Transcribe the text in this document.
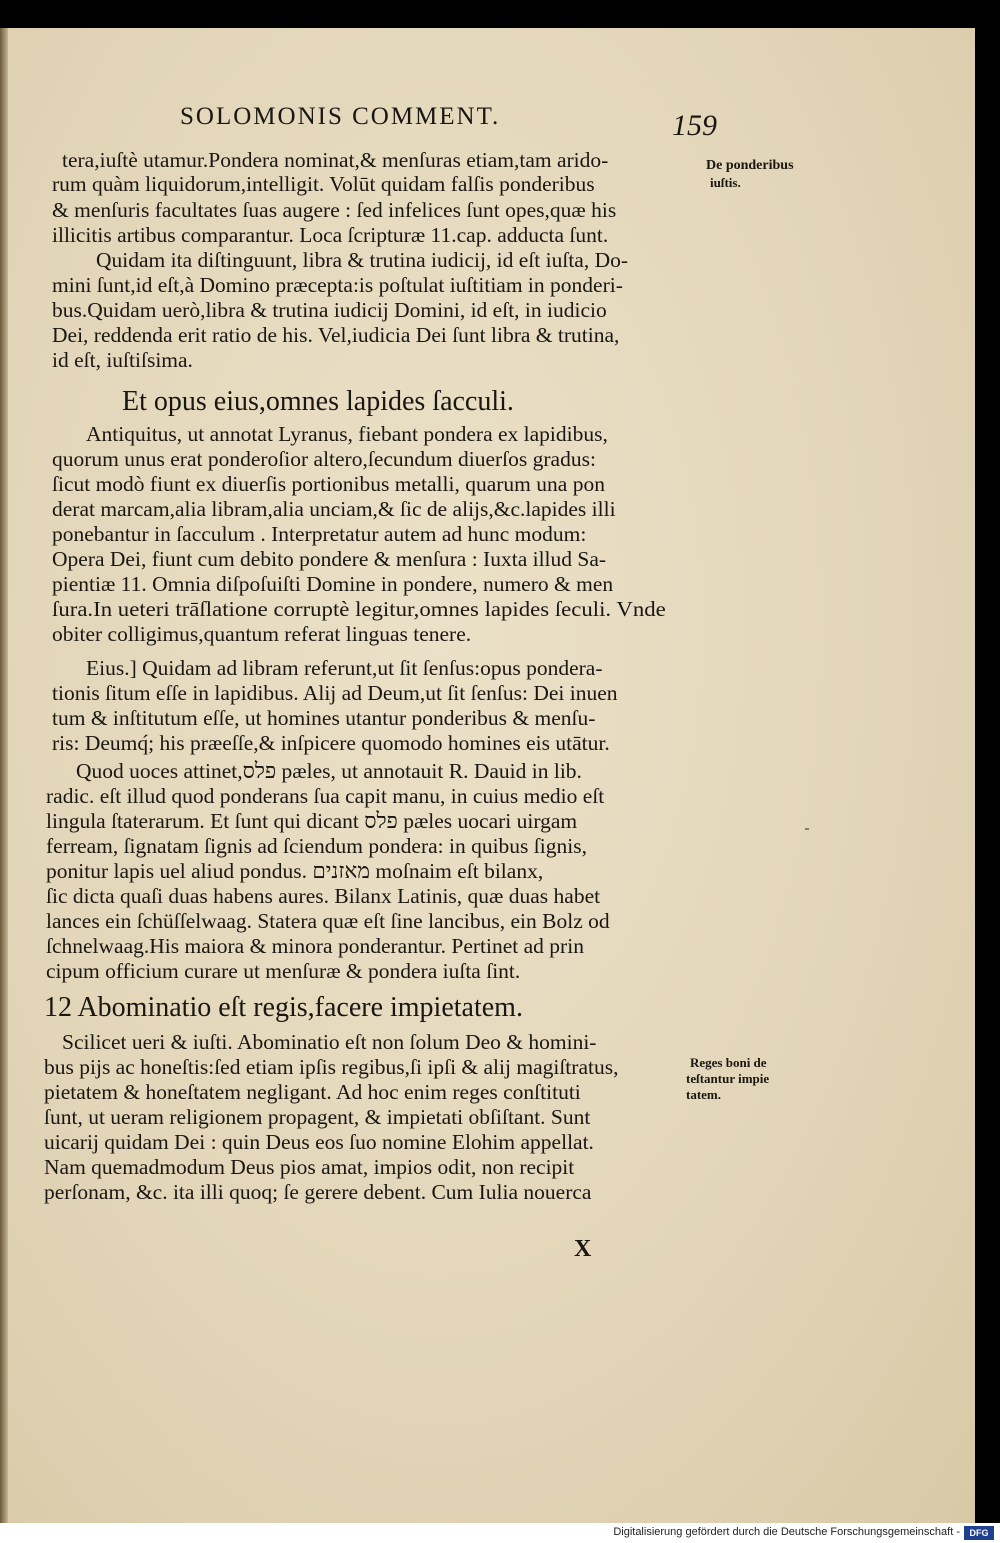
SOLOMONIS COMMENT.	159
tera,iuſtè utamur.Pondera nominat,& menſuras etiam,tam arido‑
rum quàm liquidorum,intelligit. Volūt quidam falſis ponderibus
& menſuris facultates ſuas augere : ſed infelices ſunt opes,quæ his
illicitis artibus comparantur. Loca ſcripturæ 11.cap. adducta ſunt.
Quidam ita diſtinguunt, libra & trutina iudicij, id eſt iuſta, Do‑
mini ſunt,id eſt,à Domino præcepta:is poſtulat iuſtitiam in ponderi‑
bus.Quidam uerò,libra & trutina iudicij Domini, id eſt, in iudicio
Dei, reddenda erit ratio de his. Vel,iudicia Dei ſunt libra & trutina,
id eſt, iuſtiſsima.
Et opus eius,omnes lapides ſacculi.
Antiquitus, ut annotat Lyranus, fiebant pondera ex lapidibus,
quorum unus erat ponderoſior altero,ſecundum diuerſos gradus:
ſicut modò fiunt ex diuerſis portionibus metalli, quarum una pon
derat marcam,alia libram,alia unciam,& ſic de alijs,&c.lapides illi
ponebantur in ſacculum . Interpretatur autem ad hunc modum:
Opera Dei, fiunt cum debito pondere & menſura : Iuxta illud Sa‑
pientiæ 11. Omnia diſpoſuiſti Domine in pondere, numero & men
ſura.In ueteri trāſlatione corruptè legitur,omnes lapides ſeculi. Vnde
obiter colligimus,quantum referat linguas tenere.
Eius.] Quidam ad libram referunt,ut ſit ſenſus:opus pondera‑
tionis ſitum eſſe in lapidibus. Alij ad Deum,ut ſit ſenſus: Dei inuen
tum & inſtitutum eſſe, ut homines utantur ponderibus & menſu‑
ris: Deumq́; his præeſſe,& inſpicere quomodo homines eis utātur.
Quod uoces attinet,פלס pæles, ut annotauit R. Dauid in lib.
radic. eſt illud quod ponderans ſua capit manu, in cuius medio eſt
lingula ſtaterarum. Et ſunt qui dicant פלס pæles uocari uirgam
ferream, ſignatam ſignis ad ſciendum pondera: in quibus ſignis,
ponitur lapis uel aliud pondus. מאזנים moſnaim eſt bilanx,
ſic dicta quaſi duas habens aures. Bilanx Latinis, quæ duas habet
lances ein ſchüſſelwaag. Statera quæ eſt ſine lancibus, ein Bolz od
ſchnelwaag.His maiora & minora ponderantur. Pertinet ad prin
cipum officium curare ut menſuræ & pondera iuſta ſint.
12 Abominatio eſt regis,facere impietatem.
Scilicet ueri & iuſti. Abominatio eſt non ſolum Deo & homini‑
bus pijs ac honeſtis:ſed etiam ipſis regibus,ſi ipſi & alij magiſtratus,
pietatem & honeſtatem negligant. Ad hoc enim reges conſtituti
ſunt, ut ueram religionem propagent, & impietati obſiſtant. Sunt
uicarij quidam Dei : quin Deus eos ſuo nomine Elohim appellat.
Nam quemadmodum Deus pios amat, impios odit, non recipit
perſonam, &c. ita illi quoq; ſe gerere debent. Cum Iulia nouerca
De ponderibus
iuſtis.
Reges boni de
teſtantur impie
tatem.
X
Digitalisierung gefördert durch die Deutsche Forschungsgemeinschaft -	DFG
